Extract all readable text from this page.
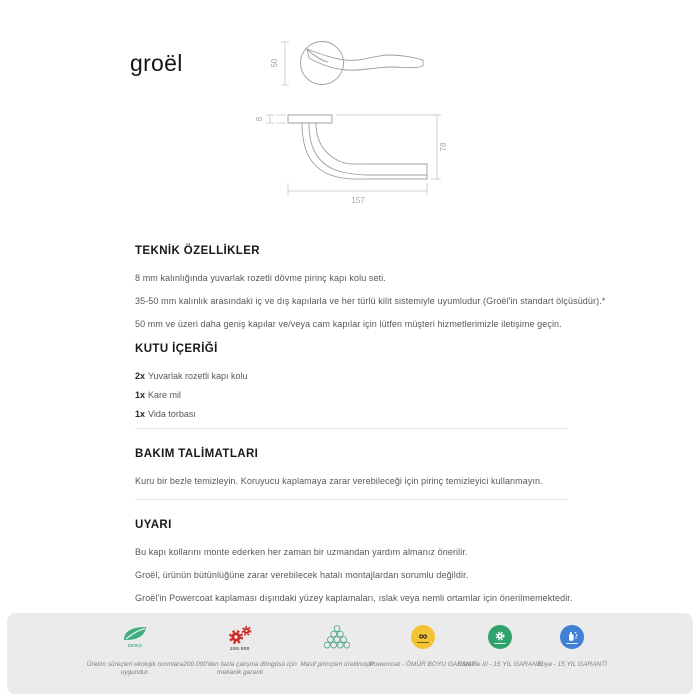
groël	50
8
78
157
TEKNİK ÖZELLİKLER

8 mm kalınlığında yuvarlak rozetli dövme pirinç kapı kolu seti.

35-50 mm kalınlık arasındaki iç ve dış kapılarla ve her türlü kilit sistemiyle uyumludur (Groël'in standart ölçüsüdür).*

50 mm ve üzeri daha geniş kapılar ve/veya cam kapılar için lütfen müşteri hizmetlerimizle iletişime geçin.

KUTU İÇERİĞİ
2x Yuvarlak rozetli kapı kolu
1x Kare mil
1x Vida torbası
BAKIM TALİMATLARI

Kuru bir bezle temizleyin. Koruyucu kaplamaya zarar verebileceği için pirinç temizleyici kullanmayın.

UYARI

Bu kapı kollarını monte ederken her zaman bir uzmandan yardım almanız önerilir.

Groël, ürünün bütünlüğüne zarar verebilecek hatalı montajlardan sorumlu değildir.

Groël'in Powercoat kaplaması dışındaki yüzey kaplamaları, ıslak veya nemli ortamlar için önerilmemektedir.

ZERO
Üretim süreçleri ekolojik normlara uygundur.
200.000
200.000'den fazla çalışma döngüsü için mekanik garanti
Masif pirinçten üretilmiştir
∞
Powercoat - ÖMÜR BOYU GARANTİ
Chrome III - 15 YIL GARANTİ
Boya - 15 YIL GARANTİ
